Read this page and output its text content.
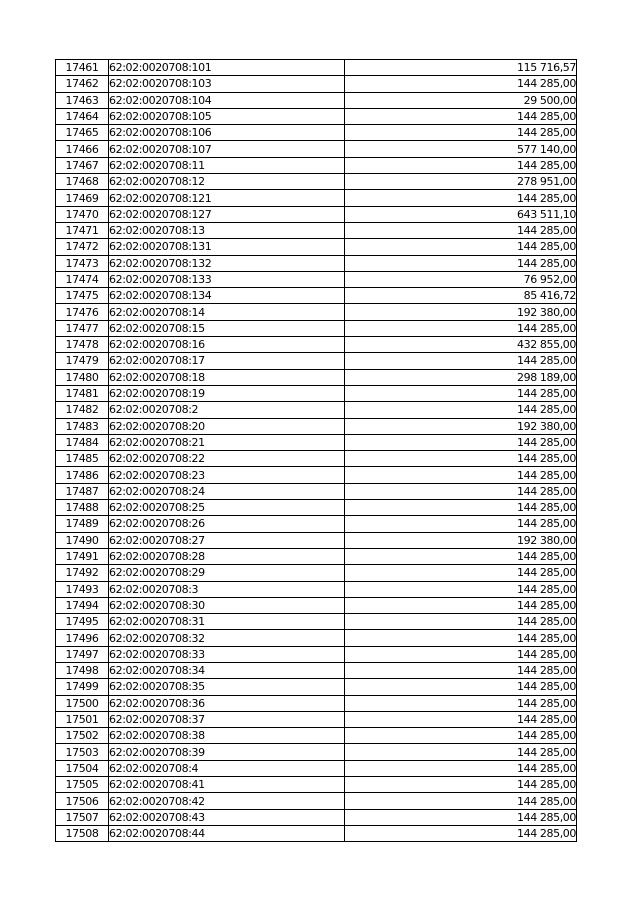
17461	62:02:0020708:101	115 716,57
17462	62:02:0020708:103	144 285,00
17463	62:02:0020708:104	29 500,00
17464	62:02:0020708:105	144 285,00
17465	62:02:0020708:106	144 285,00
17466	62:02:0020708:107	577 140,00
17467	62:02:0020708:11	144 285,00
17468	62:02:0020708:12	278 951,00
17469	62:02:0020708:121	144 285,00
17470	62:02:0020708:127	643 511,10
17471	62:02:0020708:13	144 285,00
17472	62:02:0020708:131	144 285,00
17473	62:02:0020708:132	144 285,00
17474	62:02:0020708:133	76 952,00
17475	62:02:0020708:134	85 416,72
17476	62:02:0020708:14	192 380,00
17477	62:02:0020708:15	144 285,00
17478	62:02:0020708:16	432 855,00
17479	62:02:0020708:17	144 285,00
17480	62:02:0020708:18	298 189,00
17481	62:02:0020708:19	144 285,00
17482	62:02:0020708:2	144 285,00
17483	62:02:0020708:20	192 380,00
17484	62:02:0020708:21	144 285,00
17485	62:02:0020708:22	144 285,00
17486	62:02:0020708:23	144 285,00
17487	62:02:0020708:24	144 285,00
17488	62:02:0020708:25	144 285,00
17489	62:02:0020708:26	144 285,00
17490	62:02:0020708:27	192 380,00
17491	62:02:0020708:28	144 285,00
17492	62:02:0020708:29	144 285,00
17493	62:02:0020708:3	144 285,00
17494	62:02:0020708:30	144 285,00
17495	62:02:0020708:31	144 285,00
17496	62:02:0020708:32	144 285,00
17497	62:02:0020708:33	144 285,00
17498	62:02:0020708:34	144 285,00
17499	62:02:0020708:35	144 285,00
17500	62:02:0020708:36	144 285,00
17501	62:02:0020708:37	144 285,00
17502	62:02:0020708:38	144 285,00
17503	62:02:0020708:39	144 285,00
17504	62:02:0020708:4	144 285,00
17505	62:02:0020708:41	144 285,00
17506	62:02:0020708:42	144 285,00
17507	62:02:0020708:43	144 285,00
17508	62:02:0020708:44	144 285,00
